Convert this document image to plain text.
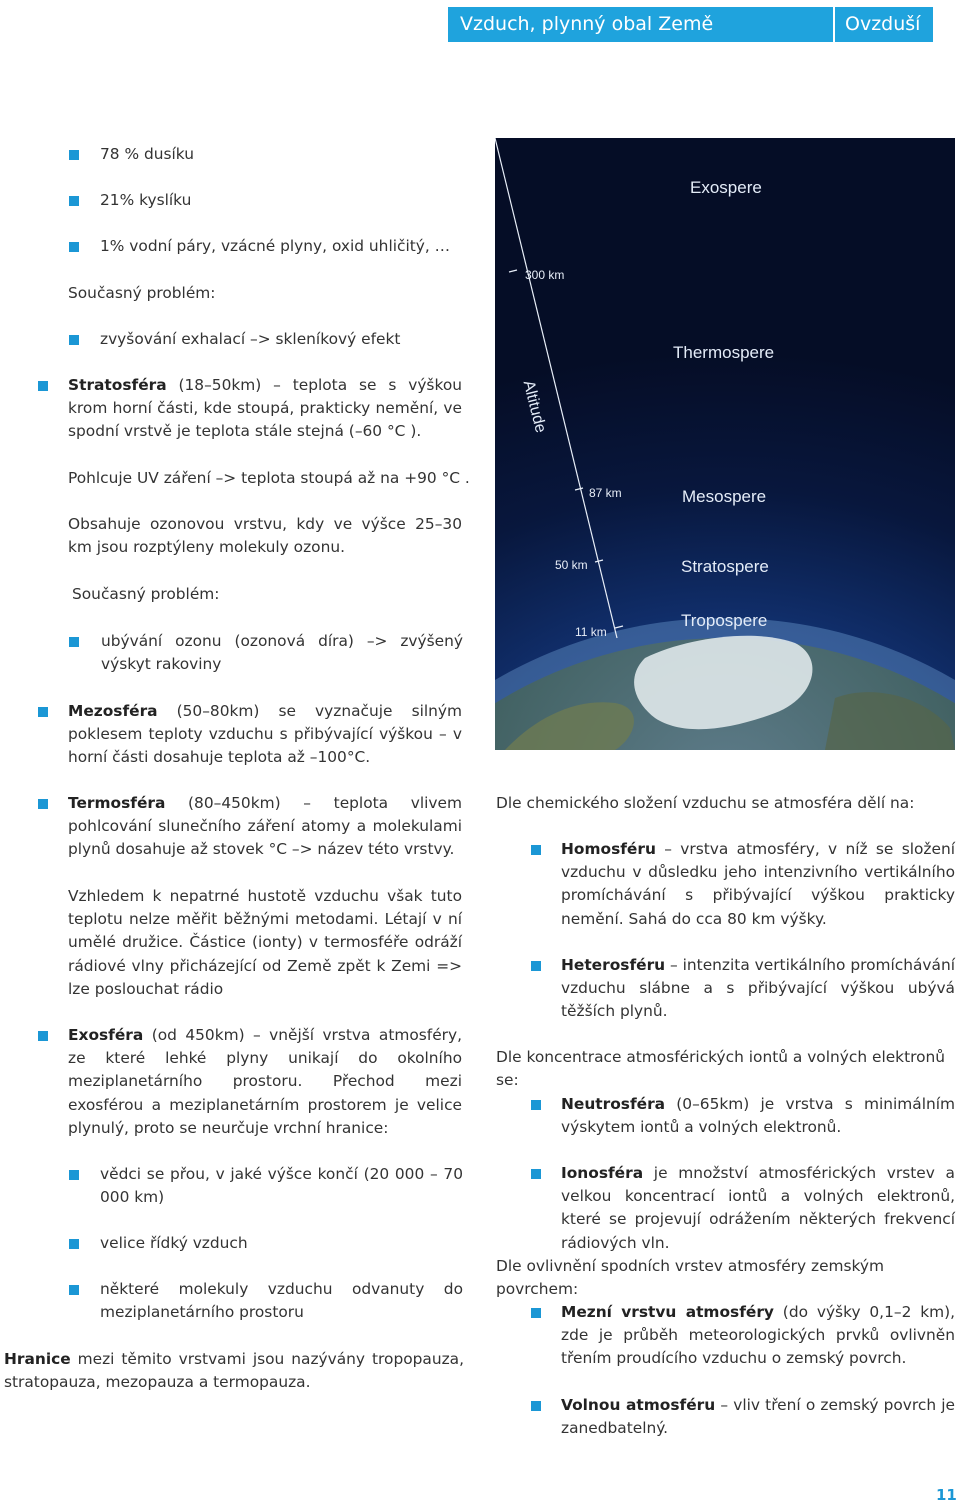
Vzduch, plynný obal Země (atmosféra) I
Ovzduší
78 % dusíku
21% kyslíku
1% vodní páry, vzácné plyny, oxid uhličitý, …
Současný problém:
zvyšování exhalací –> skleníkový efekt
Stratosféra (18–50km) – teplota se s výškou krom horní části, kde stoupá, prakticky nemění, ve spodní vrstvě je teplota stále stejná (–60 °C ).
Pohlcuje UV záření –> teplota stoupá až na +90 °C .
Obsahuje ozonovou vrstvu, kdy ve výšce 25–30 km jsou rozptýleny molekuly ozonu.
Současný problém:
ubývání ozonu (ozonová díra) –> zvýšený výskyt rakoviny
Mezosféra (50–80km) se vyznačuje silným poklesem teploty vzduchu s přibývající výškou – v horní části dosahuje teplota až –100°C.
Termosféra (80–450km) – teplota vlivem pohlcování slunečního záření atomy a molekulami plynů dosahuje až stovek °C –> název této vrstvy.
Vzhledem k nepatrné hustotě vzduchu však tuto teplotu nelze měřit běžnými metodami. Létají v ní umělé družice. Částice (ionty) v termosféře odráží rádiové vlny přicházející od Země zpět k Zemi => lze poslouchat rádio
Exosféra (od 450km) – vnější vrstva atmosféry, ze které lehké plyny unikají do okolního meziplanetárního prostoru. Přechod mezi exosférou a meziplanetárním prostorem je velice plynulý, proto se neurčuje vrchní hranice:
vědci se přou, v jaké výšce končí (20 000 – 70 000 km)
velice řídký vzduch
některé molekuly vzduchu odvanuty do meziplanetárního prostoru
Hranice mezi těmito vrstvami jsou nazývány tropopauza, stratopauza, mezopauza a termopauza.
Exospere
Thermospere
Mesospere
Stratospere
Tropospere
300 km
87 km
50 km
11 km
Altitude
Dle chemického složení vzduchu se atmosféra dělí na:
Homosféru – vrstva atmosféry, v níž se složení vzduchu v důsledku jeho intenzivního vertikálního promíchávání s přibývající výškou prakticky nemění. Sahá do cca 80 km výšky.
Heterosféru – intenzita vertikálního promíchávání vzduchu slábne a s přibývající výškou ubývá těžších plynů.
Dle koncentrace atmosférických iontů a volných elektronů se:
Neutrosféra (0–65km) je vrstva s minimálním výskytem iontů a volných elektronů.
Ionosféra je množství atmosférických vrstev a velkou koncentrací iontů a volných elektronů, které se projevují odrážením některých frekvencí rádiových vln.
Dle ovlivnění spodních vrstev atmosféry zemským povrchem:
Mezní vrstvu atmosféry (do výšky 0,1–2 km), zde je průběh meteorologických prvků ovlivněn třením proudícího vzduchu o zemský povrch.
Volnou atmosféru – vliv tření o zemský povrch je zanedbatelný.
11
